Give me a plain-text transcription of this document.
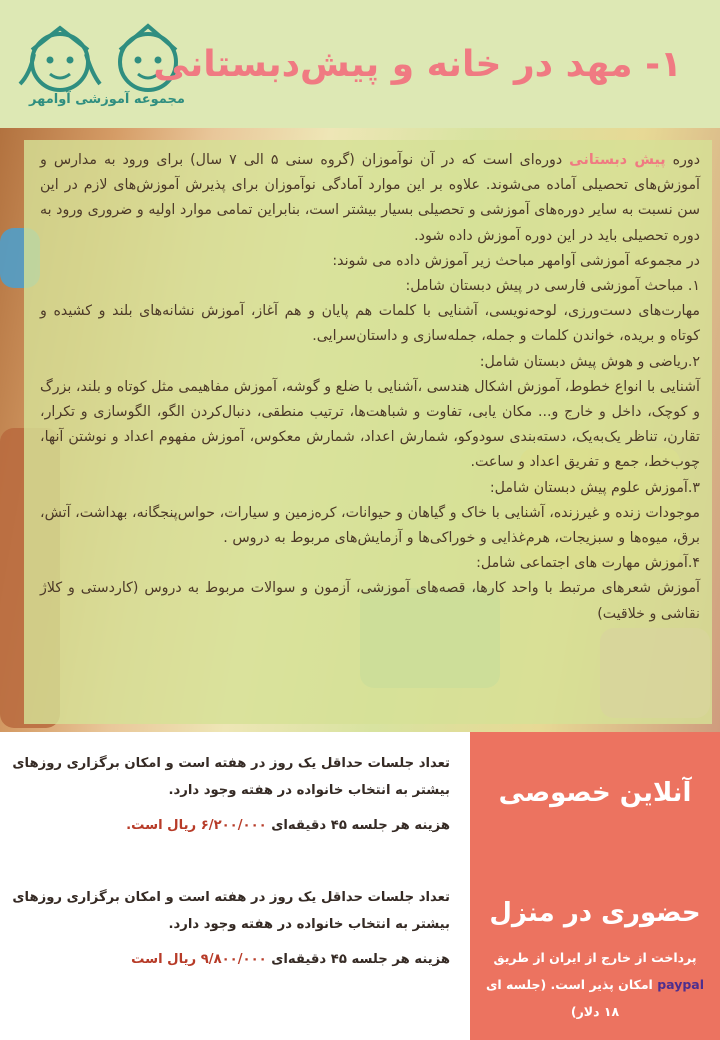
مجموعه آموزشی آوامهر
۱- مهد در خانه و پیش‌دبستانی

دوره پیش دبستانی دوره‌ای است که در آن نوآموزان (گروه سنی ۵ الی ۷ سال) برای ورود به مدارس و آموزش‌های تحصیلی آماده می‌شوند. علاوه بر این موارد آمادگی نوآموزان برای پذیرش آموزش‌های لازم در این سن نسبت به سایر دوره‌های آموزشی و تحصیلی بسیار بیشتر است، بنابراین تمامی موارد اولیه و ضروری ورود به دوره تحصیلی باید در این دوره آموزش داده شود.

در مجموعه آموزشی آوامهر مباحث زیر آموزش داده می شوند:

۱. مباحث آموزشی فارسی در پیش دبستان شامل:

مهارت‌های دست‌ورزی، لوحه‌نویسی، آشنایی با کلمات هم پایان و هم آغاز، آموزش نشانه‌های بلند و کشیده و کوتاه و بریده، خواندن کلمات و جمله، جمله‌سازی و داستان‌سرایی.

۲.ریاضی و هوش پیش دبستان شامل:

آشنایی با انواع خطوط، آموزش اشکال هندسی ،آشنایی با ضلع و گوشه، آموزش مفاهیمی مثل کوتاه و بلند، بزرگ و کوچک، داخل و خارج و... مکان یابی، تفاوت و شباهت‌ها، ترتیب منطقی، دنبال‌کردن الگو، الگوسازی و تکرار، تقارن، تناظر یک‌به‌یک، دسته‌بندی سودوکو، شمارش اعداد، شمارش معکوس، آموزش مفهوم اعداد و نوشتن آنها، چوب‌خط، جمع و تفریق اعداد و ساعت.

۳.آموزش علوم پیش دبستان شامل:

موجودات زنده و غیرزنده، آشنایی با خاک و گیاهان و حیوانات، کره‌زمین و سیارات، حواس‌پنجگانه، بهداشت، آتش، برق، میوه‌ها و سبزیجات، هرم‌غذایی و خوراکی‌ها و آزمایش‌های مربوط به دروس .

۴.آموزش مهارت های اجتماعی شامل:

آموزش شعرهای مرتبط با واحد کارها، قصه‌های آموزشی، آزمون و سوالات مربوط به دروس (کاردستی و کلاژ نقاشی و خلاقیت)

تعداد جلسات حداقل یک روز در هفته است و امکان برگزاری روزهای بیشتر به انتخاب خانواده در هفته وجود دارد.
هزینه هر جلسه ۴۵ دقیقه‌ای ۶/۲۰۰/۰۰۰ ریال است.
تعداد جلسات حداقل یک روز در هفته است و امکان برگزاری روزهای بیشتر به انتخاب خانواده در هفته وجود دارد.
هزینه هر جلسه ۴۵ دقیقه‌ای ۹/۸۰۰/۰۰۰ ریال است
آنلاین خصوصی
حضوری در منزل
پرداخت از خارج از ایران از طریق paypal امکان پذیر است. (جلسه ای ۱۸ دلار)
